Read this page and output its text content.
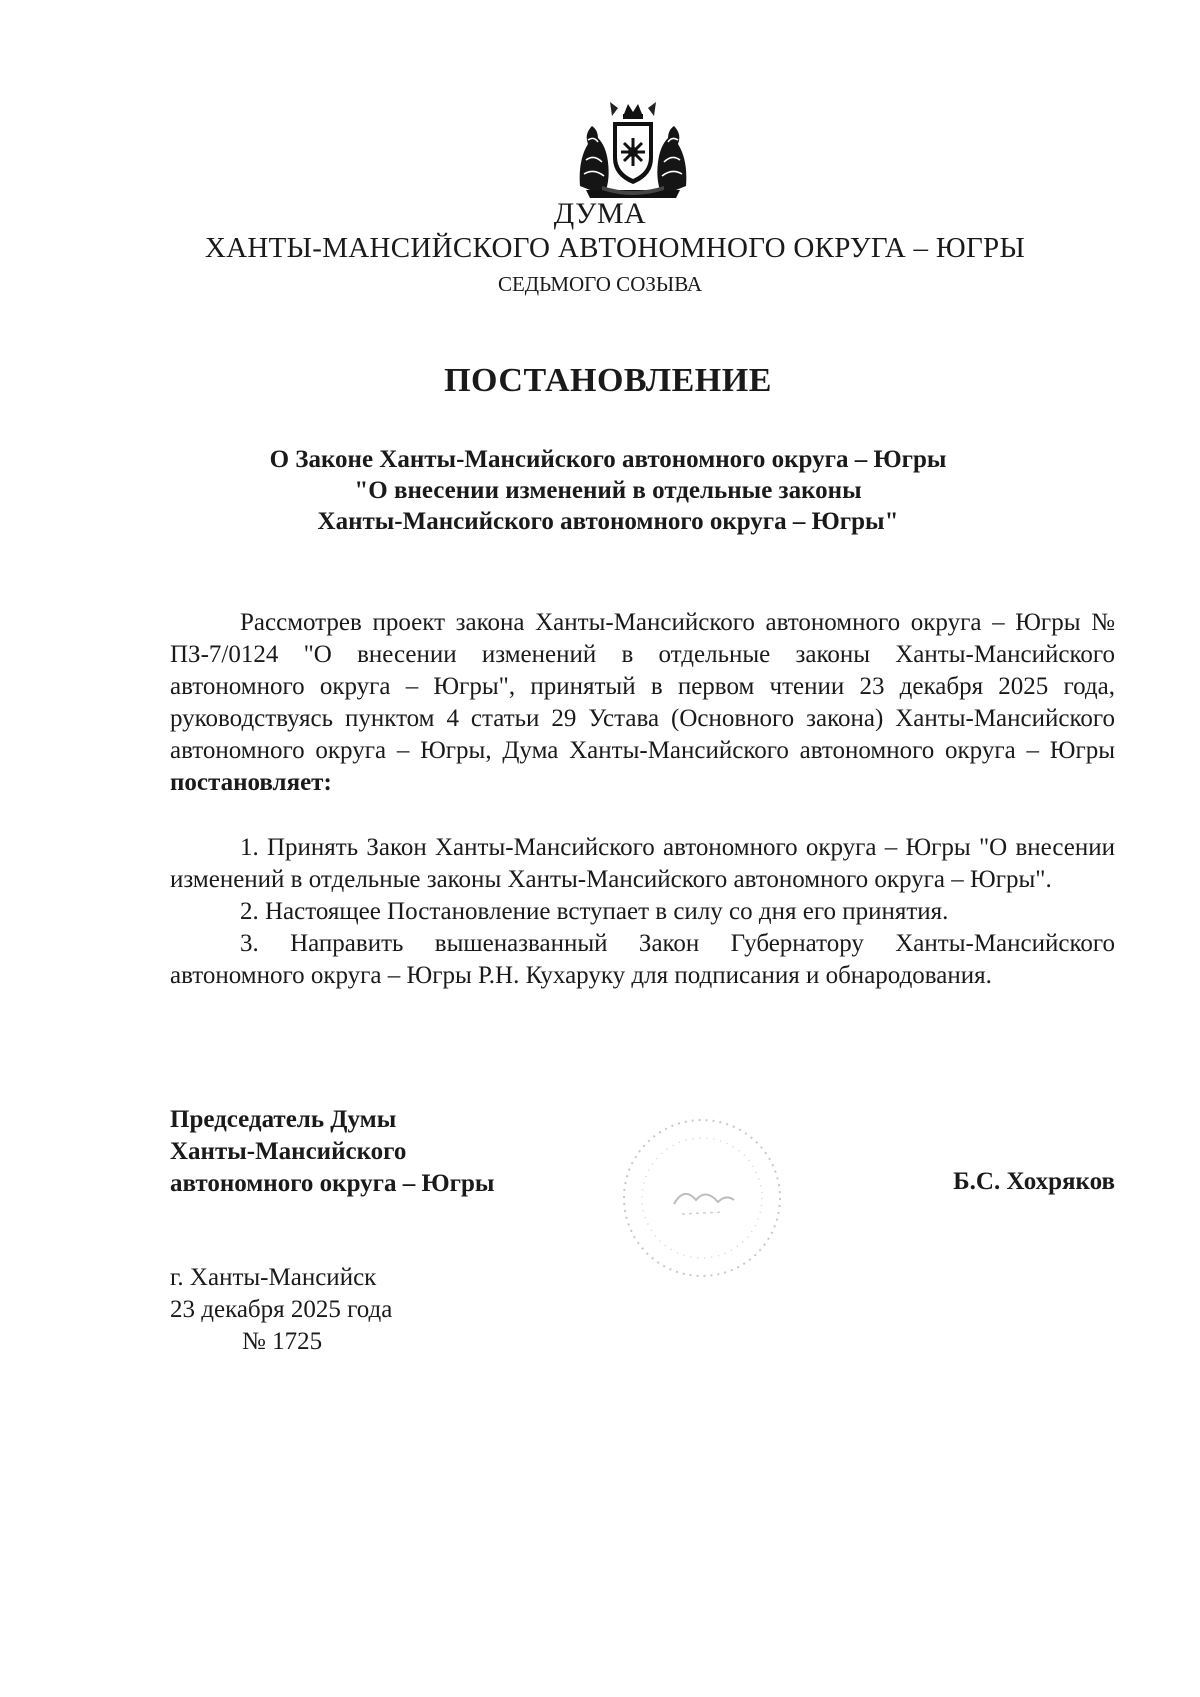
ДУМА
ХАНТЫ-МАНСИЙСКОГО АВТОНОМНОГО ОКРУГА – ЮГРЫ
СЕДЬМОГО СОЗЫВА
ПОСТАНОВЛЕНИЕ
О Законе Ханты-Мансийского автономного округа – Югры
"О внесении изменений в отдельные законы
Ханты-Мансийского автономного округа – Югры"
Рассмотрев проект закона Ханты-Мансийского автономного округа – Югры № ПЗ-7/0124 "О внесении изменений в отдельные законы Ханты-Мансийского автономного округа – Югры", принятый в первом чтении 23 декабря 2025 года, руководствуясь пунктом 4 статьи 29 Устава (Основного закона) Ханты-Мансийского автономного округа – Югры, Дума Ханты-Мансийского автономного округа – Югры постановляет:

1. Принять Закон Ханты-Мансийского автономного округа – Югры "О внесении изменений в отдельные законы Ханты-Мансийского автономного округа – Югры".

2. Настоящее Постановление вступает в силу со дня его принятия.

3. Направить вышеназванный Закон Губернатору Ханты-Мансийского автономного округа – Югры Р.Н. Кухаруку для подписания и обнародования.

Председатель Думы
Ханты-Мансийского
автономного округа – Югры	Б.С. Хохряков
г. Ханты-Мансийск
23 декабря 2025 года
№ 1725
